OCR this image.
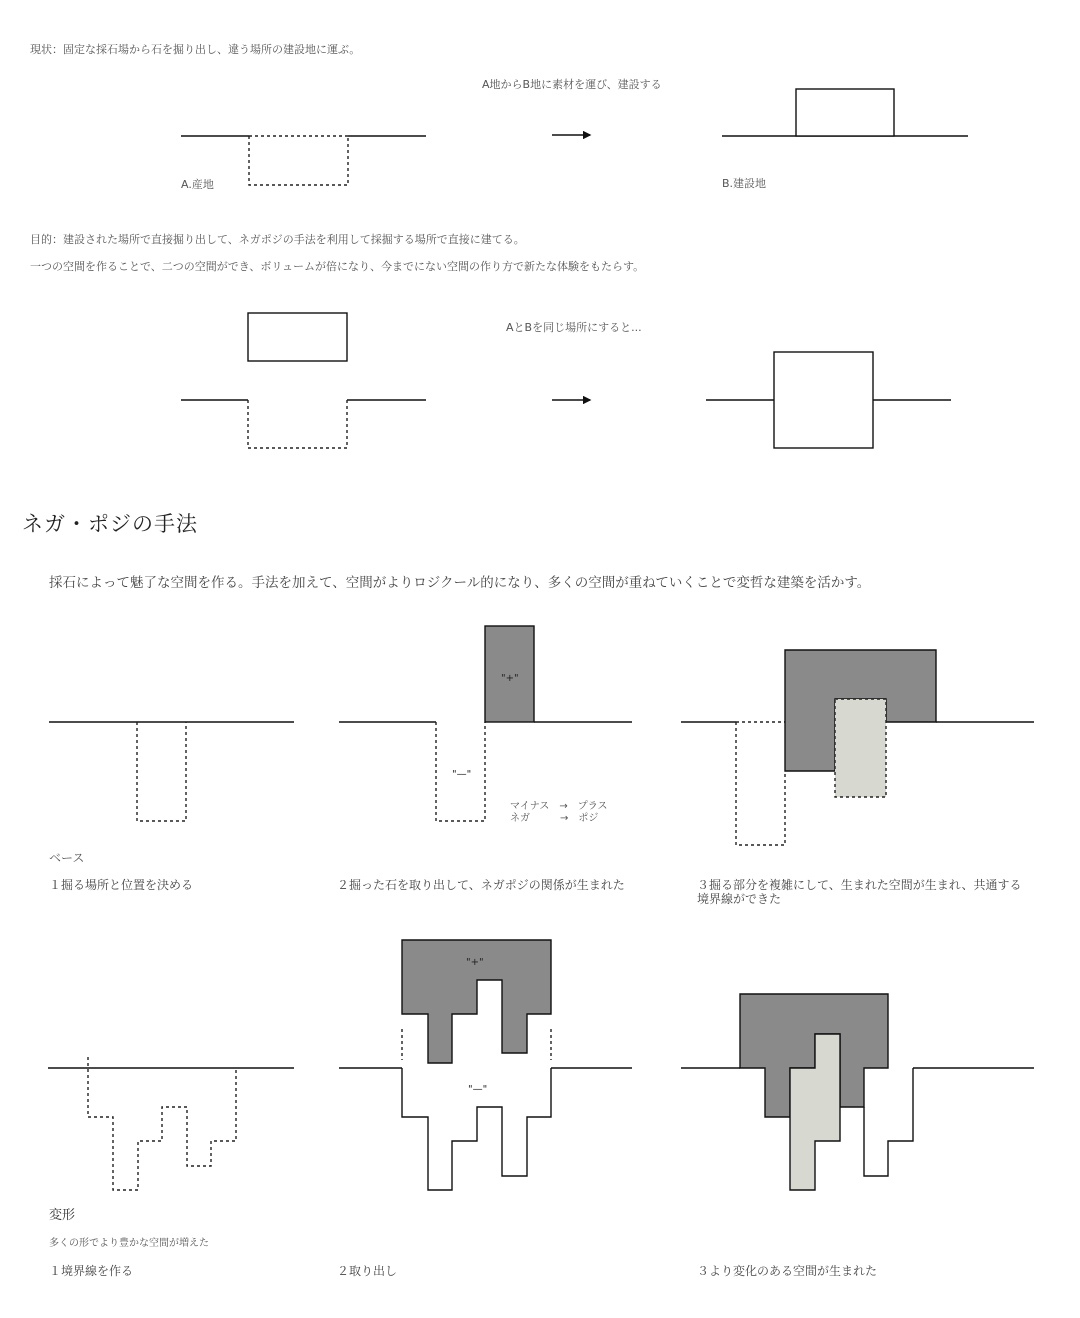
現状：固定な採石場から石を掘り出し、違う場所の建設地に運ぶ。
A地からB地に素材を運び、建設する
A.産地	B.建設地
目的：建設された場所で直接掘り出して、ネガポジの手法を利用して採掘する場所で直接に建てる。
一つの空間を作ることで、二つの空間ができ、ボリュームが倍になり、今までにない空間の作り方で新たな体験をもたらす。
AとBを同じ場所にすると...
ネガ・ポジの手法
採石によって魅了な空間を作る。手法を加えて、空間がよりロジクール的になり、多くの空間が重ねていくことで変哲な建築を活かす。
マイナス　→　プラス
ネガ　　　→　ポジ
ベース
１掘る場所と位置を決める	２掘った石を取り出して、ネガポジの関係が生まれた	３掘る部分を複雑にして、生まれた空間が生まれ、共通する
境界線ができた
変形
多くの形でより豊かな空間が増えた
１境界線を作る	２取り出し	３より変化のある空間が生まれた
"+"
"—"
"+"
"—"
